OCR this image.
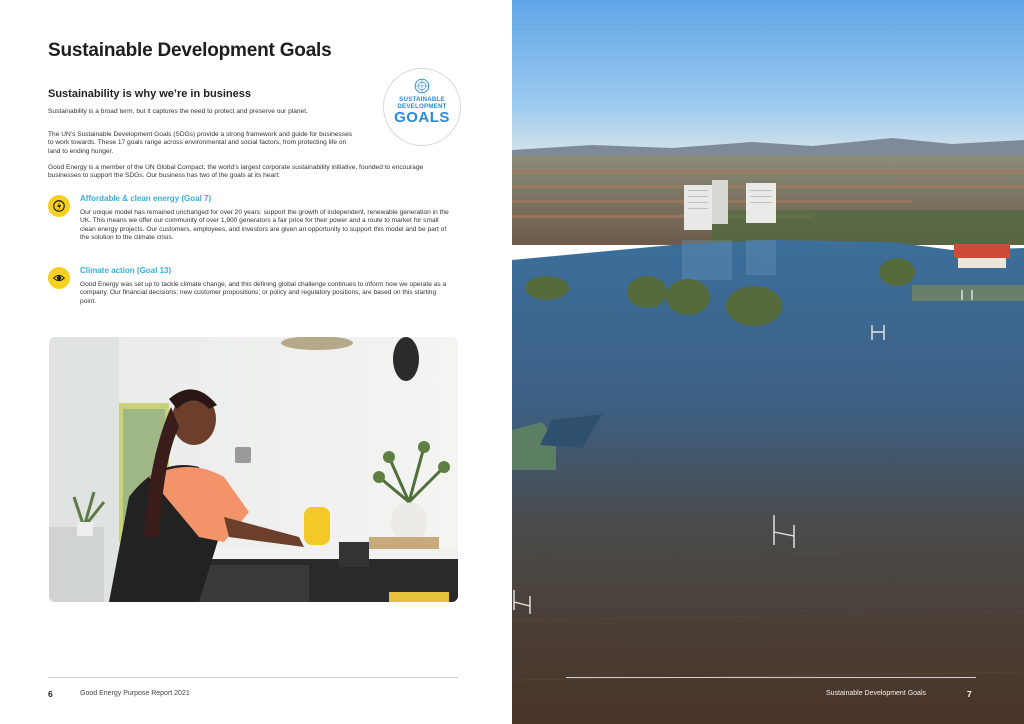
Sustainable Development Goals
Sustainability is why we’re in business	SUSTAINABLE
DEVELOPMENT
GOALS

Sustainability is a broad term, but it captures the need to protect and preserve our planet.

The UN’s Sustainable Development Goals (SDGs) provide a strong framework and guide for businesses to work towards. These 17 goals range across environmental and social factors, from protecting life on land to ending hunger.

Good Energy is a member of the UN Global Compact, the world’s largest corporate sustainability initiative, founded to encourage businesses to support the SDGs. Our business has two of the goals at its heart:

Affordable & clean energy (Goal 7)

Our unique model has remained unchanged for over 20 years: support the growth of independent, renewable generation in the UK. This means we offer our community of over 1,900 generators a fair price for their power and a route to market for small clean energy projects. Our customers, employees, and investors are given an opportunity to support this model and be part of the solution to the climate crisis.

Climate action (Goal 13)

Good Energy was set up to tackle climate change, and this defining global challenge continues to inform how we operate as a company. Our financial decisions; new customer propositions; or policy and regulatory positions, are based on this starting point.

6	Good Energy Purpose Report 2021	Sustainable Development Goals	7
